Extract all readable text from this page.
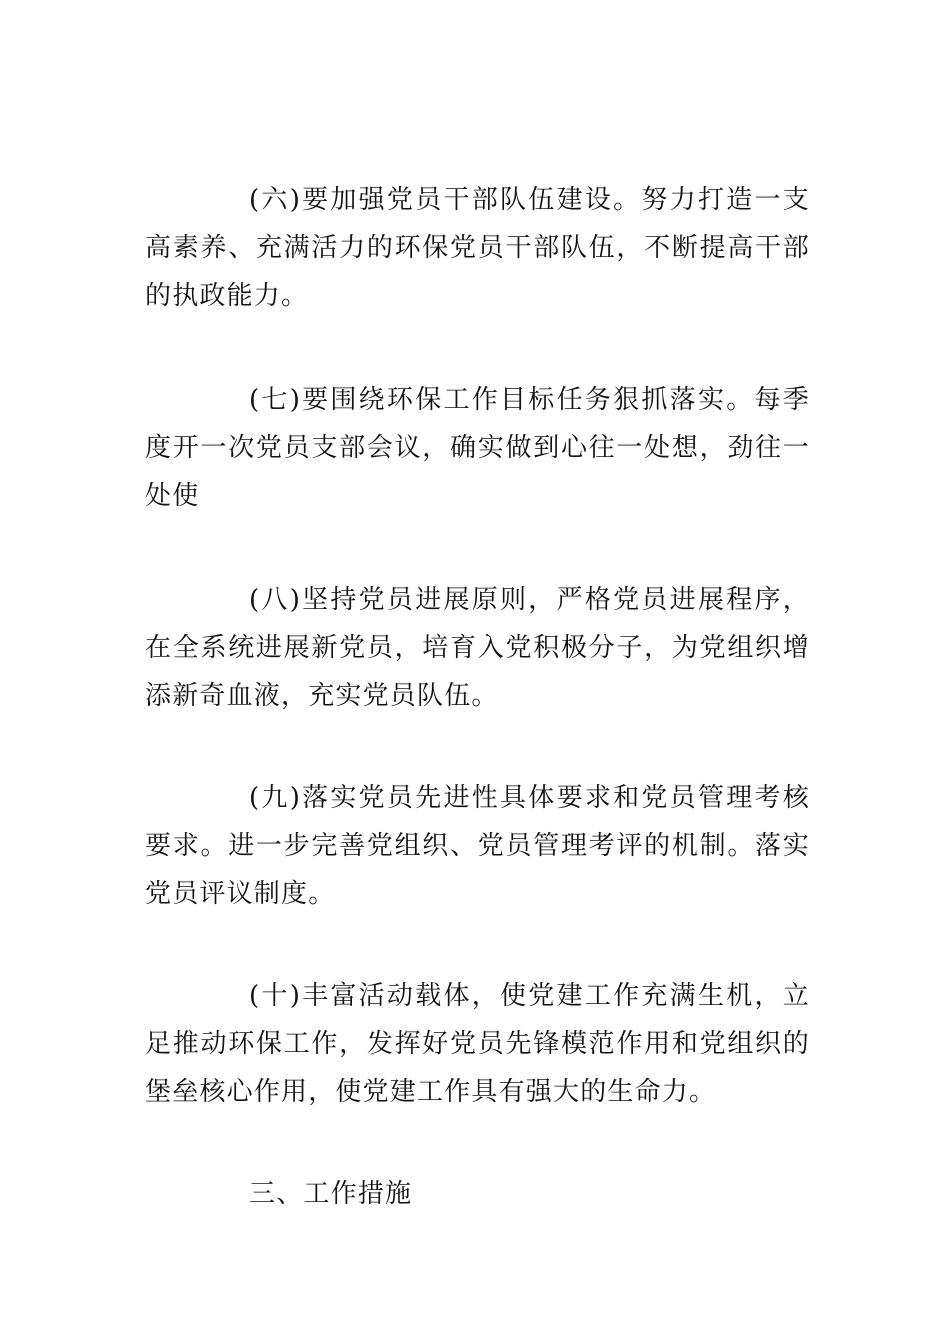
(六)要加强党员干部队伍建设。努力打造一支高素养、充满活力的环保党员干部队伍，不断提高干部的执政能力。

(七)要围绕环保工作目标任务狠抓落实。每季度开一次党员支部会议，确实做到心往一处想，劲往一处使

(八)坚持党员进展原则，严格党员进展程序，在全系统进展新党员，培育入党积极分子，为党组织增添新奇血液，充实党员队伍。

(九)落实党员先进性具体要求和党员管理考核要求。进一步完善党组织、党员管理考评的机制。落实党员评议制度。

(十)丰富活动载体，使党建工作充满生机，立足推动环保工作，发挥好党员先锋模范作用和党组织的堡垒核心作用，使党建工作具有强大的生命力。

三、工作措施
